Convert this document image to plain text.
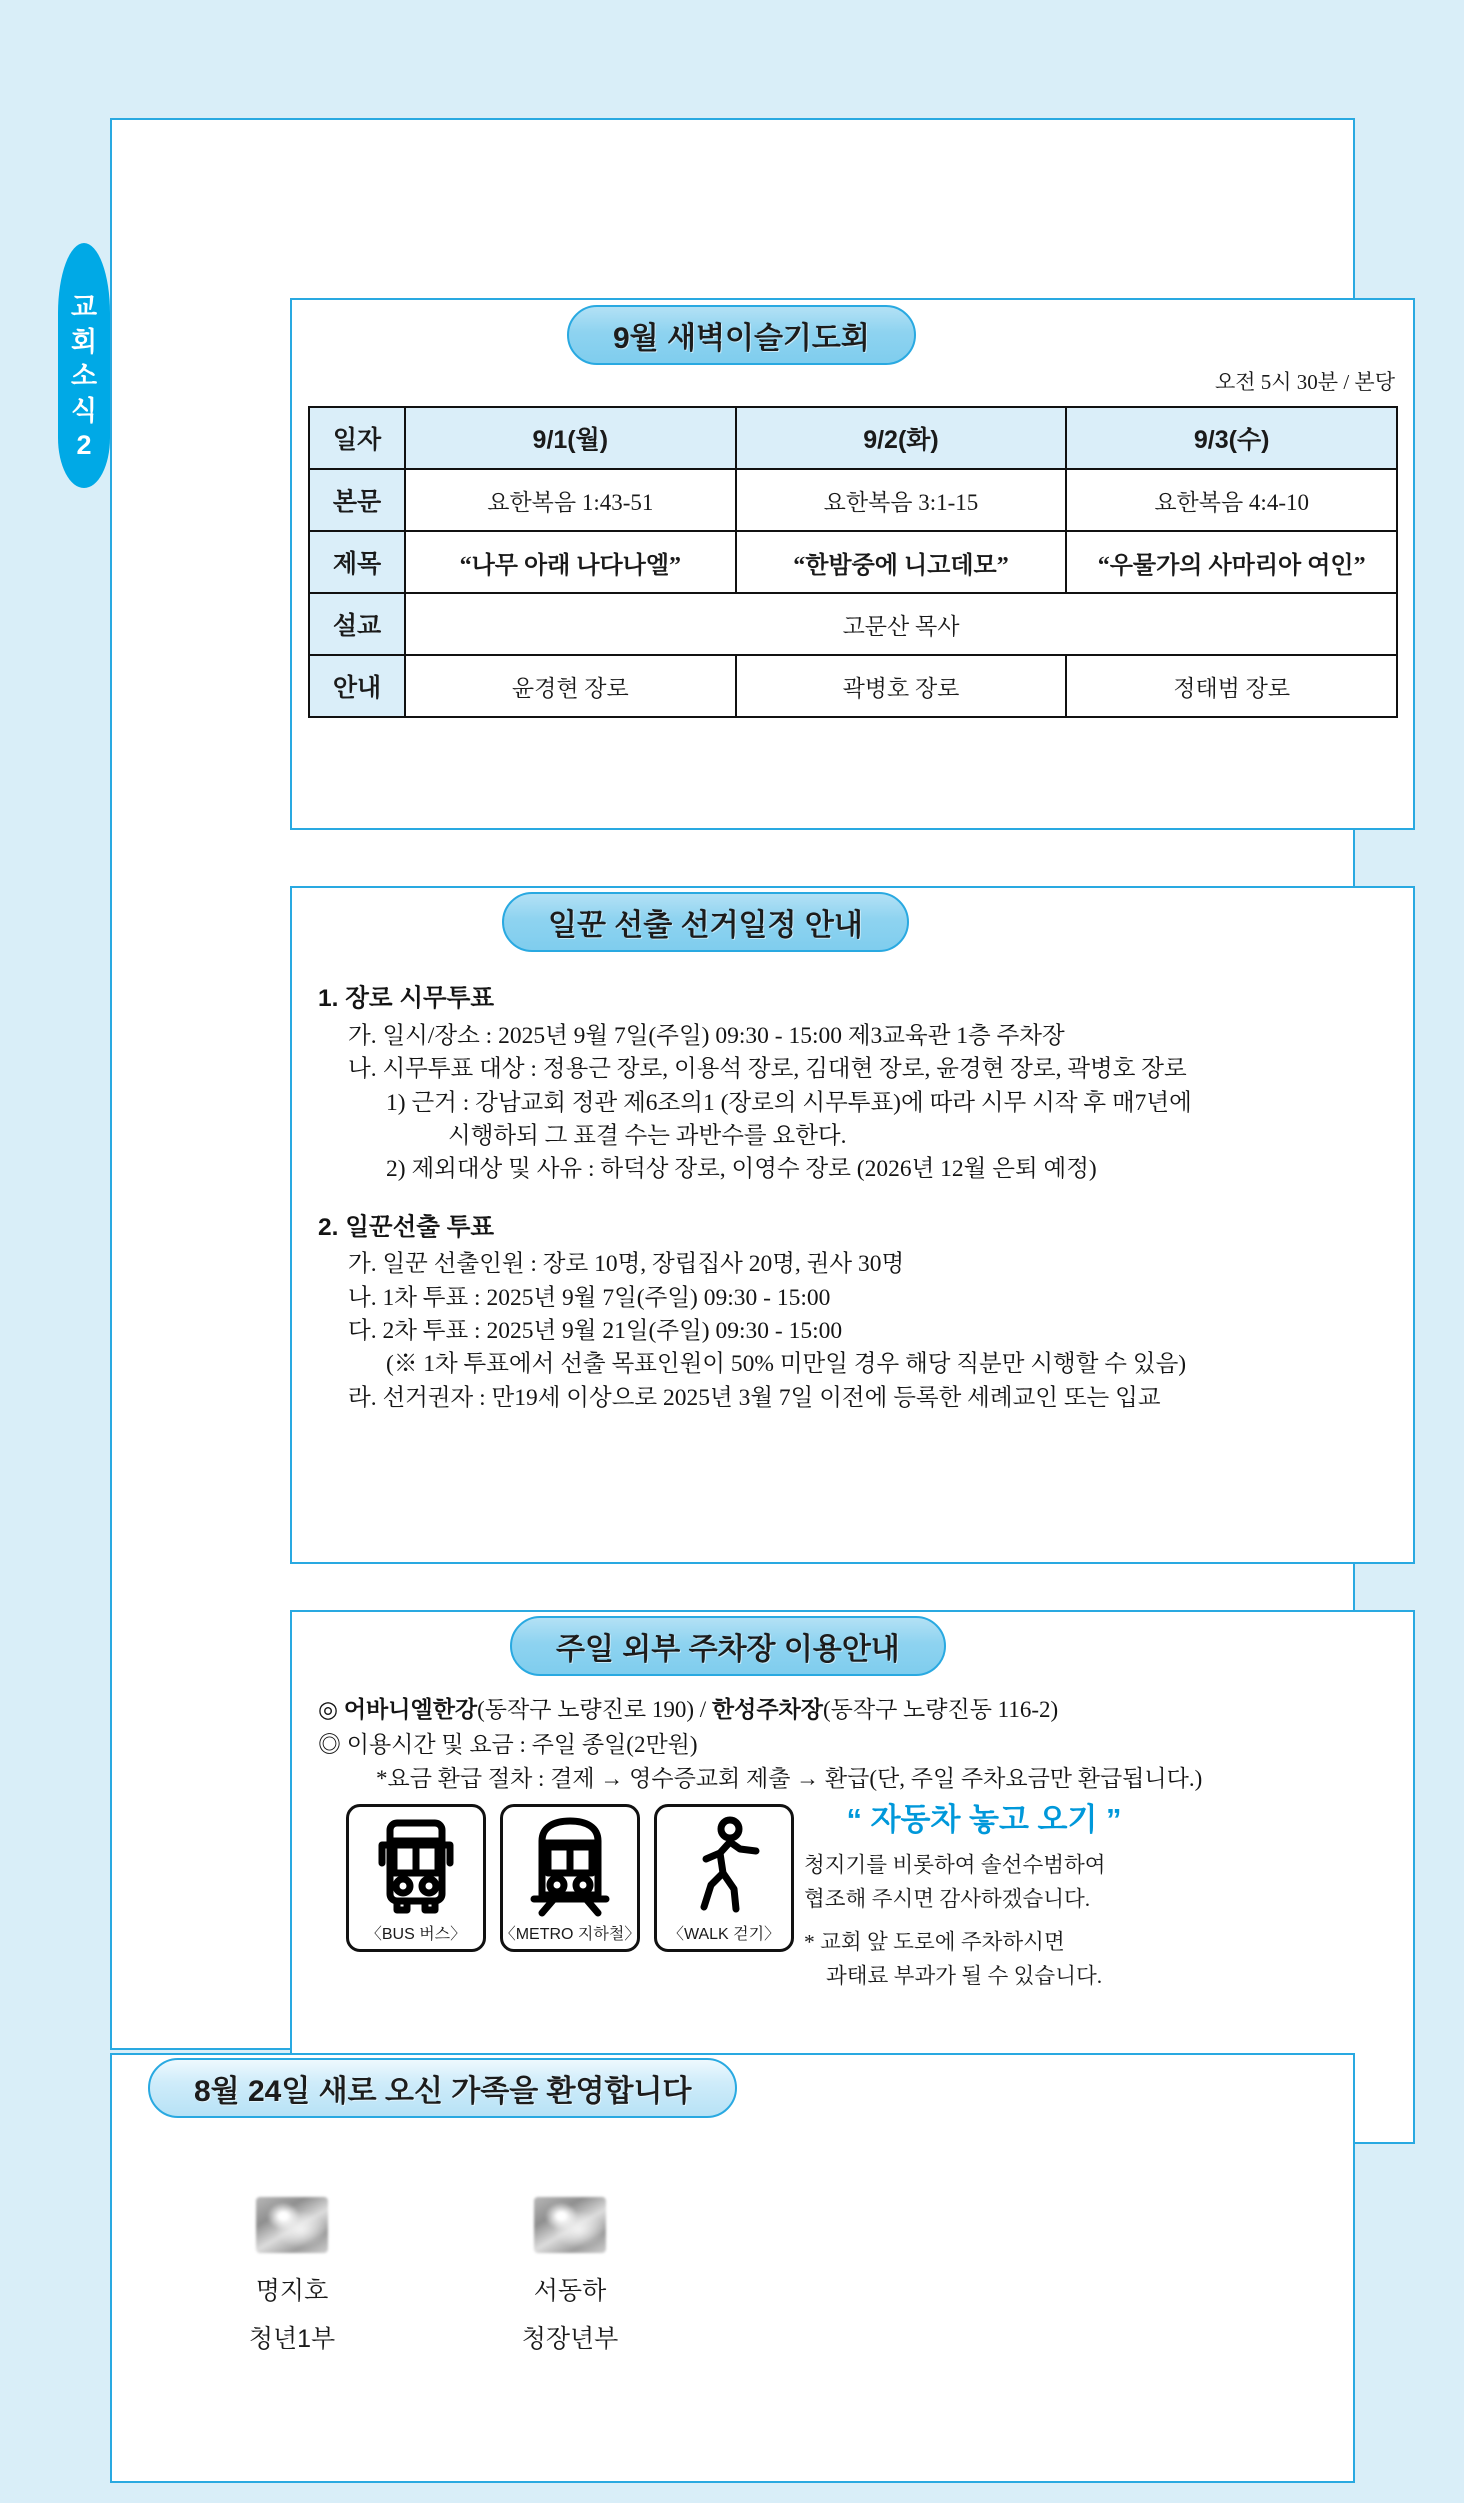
교
회
소
식
2
9월 새벽이슬기도회
오전 5시 30분 / 본당
일자	9/1(월)	9/2(화)	9/3(수)
본문	요한복음 1:43-51	요한복음 3:1-15	요한복음 4:4-10
제목	“나무 아래 나다나엘”	“한밤중에 니고데모”	“우물가의 사마리아 여인”
설교	고문산 목사		
안내	윤경현 장로	곽병호 장로	정태범 장로
일꾼 선출 선거일정 안내
1. 장로 시무투표
가. 일시/장소 : 2025년 9월 7일(주일) 09:30 - 15:00 제3교육관 1층 주차장
나. 시무투표 대상 : 정용근 장로, 이용석 장로, 김대현 장로, 윤경현 장로, 곽병호 장로
1) 근거 : 강남교회 정관 제6조의1 (장로의 시무투표)에 따라 시무 시작 후 매7년에
시행하되 그 표결 수는 과반수를 요한다.
2) 제외대상 및 사유 : 하덕상 장로, 이영수 장로 (2026년 12월 은퇴 예정)
2. 일꾼선출 투표
가. 일꾼 선출인원 : 장로 10명, 장립집사 20명, 권사 30명
나. 1차 투표 : 2025년 9월 7일(주일) 09:30 - 15:00
다. 2차 투표 : 2025년 9월 21일(주일) 09:30 - 15:00
(※ 1차 투표에서 선출 목표인원이 50% 미만일 경우 해당 직분만 시행할 수 있음)
라. 선거권자 : 만19세 이상으로 2025년 3월 7일 이전에 등록한 세례교인 또는 입교
주일 외부 주차장 이용안내
◎ 어바니엘한강(동작구 노량진로 190) / 한성주차장(동작구 노량진동 116-2)
◎ 이용시간 및 요금 : 주일 종일(2만원)
*요금 환급 절차 : 결제 → 영수증교회 제출 → 환급(단, 주일 주차요금만 환급됩니다.)
〈BUS 버스〉 〈METRO 지하철〉 〈WALK 걷기〉
“ 자동차 놓고 오기 ”

청지기를 비롯하여 솔선수범하여

협조해 주시면 감사하겠습니다.

* 교회 앞 도로에 주차하시면

과태료 부과가 될 수 있습니다.

8월 24일 새로 오신 가족을 환영합니다
명지호
청년1부
서동하
청장년부
